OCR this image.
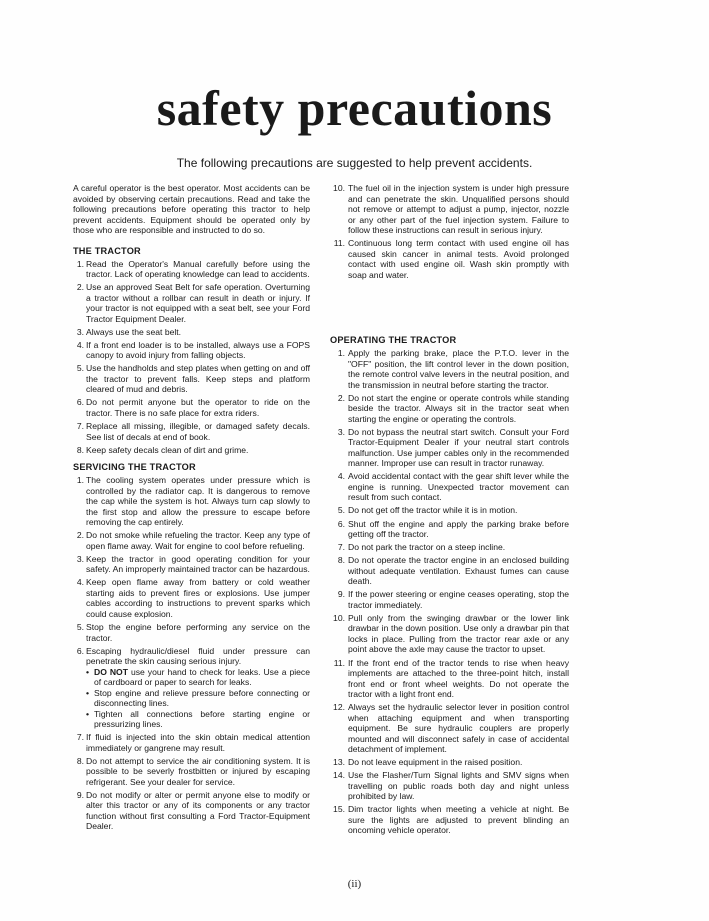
safety precautions

The following precautions are suggested to help prevent accidents.

A careful operator is the best operator. Most accidents can be avoided by observing certain precautions. Read and take the following precautions before operating this tractor to help prevent accidents. Equipment should be operated only by those who are responsible and instructed to do so.

THE TRACTOR
1. Read the Operator's Manual carefully before using the tractor. Lack of operating knowledge can lead to accidents.
2. Use an approved Seat Belt for safe operation. Overturning a tractor without a rollbar can result in death or injury. If your tractor is not equipped with a seat belt, see your Ford Tractor Equipment Dealer.
3. Always use the seat belt.
4. If a front end loader is to be installed, always use a FOPS canopy to avoid injury from falling objects.
5. Use the handholds and step plates when getting on and off the tractor to prevent falls. Keep steps and platform cleared of mud and debris.
6. Do not permit anyone but the operator to ride on the tractor. There is no safe place for extra riders.
7. Replace all missing, illegible, or damaged safety decals. See list of decals at end of book.
8. Keep safety decals clean of dirt and grime.
SERVICING THE TRACTOR
1. The cooling system operates under pressure which is controlled by the radiator cap. It is dangerous to remove the cap while the system is hot. Always turn cap slowly to the first stop and allow the pressure to escape before removing the cap entirely.
2. Do not smoke while refueling the tractor. Keep any type of open flame away. Wait for engine to cool before refueling.
3. Keep the tractor in good operating condition for your safety. An improperly maintained tractor can be hazardous.
4. Keep open flame away from battery or cold weather starting aids to prevent fires or explosions. Use jumper cables according to instructions to prevent sparks which could cause explosion.
5. Stop the engine before performing any service on the tractor.
6. Escaping hydraulic/diesel fluid under pressure can penetrate the skin causing serious injury.
• DO NOT use your hand to check for leaks. Use a piece of cardboard or paper to search for leaks.
• Stop engine and relieve pressure before connecting or disconnecting lines.
• Tighten all connections before starting engine or pressurizing lines.
7. If fluid is injected into the skin obtain medical attention immediately or gangrene may result.
8. Do not attempt to service the air conditioning system. It is possible to be severly frostbitten or injured by escaping refrigerant. See your dealer for service.
9. Do not modify or alter or permit anyone else to modify or alter this tractor or any of its components or any tractor function without first consulting a Ford Tractor-Equipment Dealer.
10. The fuel oil in the injection system is under high pressure and can penetrate the skin. Unqualified persons should not remove or attempt to adjust a pump, injector, nozzle or any other part of the fuel injection system. Failure to follow these instructions can result in serious injury.
11. Continuous long term contact with used engine oil has caused skin cancer in animal tests. Avoid prolonged contact with used engine oil. Wash skin promptly with soap and water.
OPERATING THE TRACTOR
1. Apply the parking brake, place the P.T.O. lever in the "OFF" position, the lift control lever in the down position, the remote control valve levers in the neutral position, and the transmission in neutral before starting the tractor.
2. Do not start the engine or operate controls while standing beside the tractor. Always sit in the tractor seat when starting the engine or operating the controls.
3. Do not bypass the neutral start switch. Consult your Ford Tractor-Equipment Dealer if your neutral start controls malfunction. Use jumper cables only in the recommended manner. Improper use can result in tractor runaway.
4. Avoid accidental contact with the gear shift lever while the engine is running. Unexpected tractor movement can result from such contact.
5. Do not get off the tractor while it is in motion.
6. Shut off the engine and apply the parking brake before getting off the tractor.
7. Do not park the tractor on a steep incline.
8. Do not operate the tractor engine in an enclosed building without adequate ventilation. Exhaust fumes can cause death.
9. If the power steering or engine ceases operating, stop the tractor immediately.
10. Pull only from the swinging drawbar or the lower link drawbar in the down position. Use only a drawbar pin that locks in place. Pulling from the tractor rear axle or any point above the axle may cause the tractor to upset.
11. If the front end of the tractor tends to rise when heavy implements are attached to the three-point hitch, install front end or front wheel weights. Do not operate the tractor with a light front end.
12. Always set the hydraulic selector lever in position control when attaching equipment and when transporting equipment. Be sure hydraulic couplers are properly mounted and will disconnect safely in case of accidental detachment of implement.
13. Do not leave equipment in the raised position.
14. Use the Flasher/Turn Signal lights and SMV signs when travelling on public roads both day and night unless prohibited by law.
15. Dim tractor lights when meeting a vehicle at night. Be sure the lights are adjusted to prevent blinding an oncoming vehicle operator.
(ii)
